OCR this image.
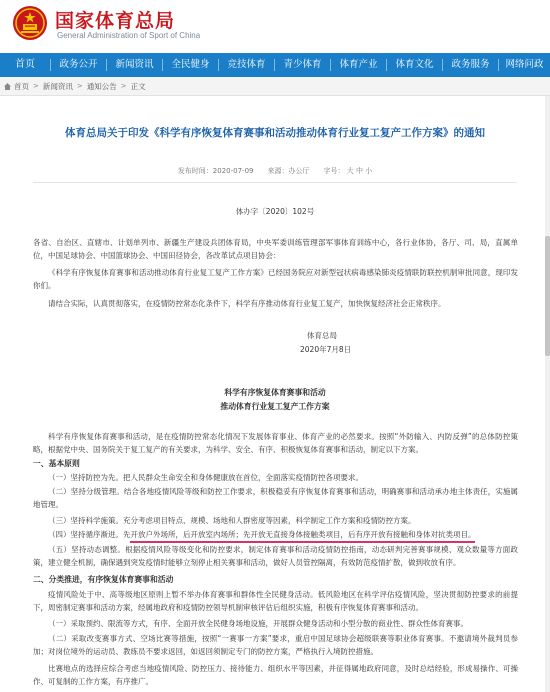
国家体育总局
General Administration of Sport of China
首页	政务公开	新闻资讯	全民健身	竞技体育	青少体育	体育产业	体育文化	政务服务	网络问政
首页 > 新闻资讯 > 通知公告 > 正文
体育总局关于印发《科学有序恢复体育赛事和活动推动体育行业复工复产工作方案》的通知
发布时间：2020-07-09 来源：办公厅 字号： 大 中 小
体办字〔2020〕102号
各省、自治区、直辖市、计划单列市、新疆生产建设兵团体育局，中央军委训练管理部军事体育训练中心，各行业体协，各厅、司、局，直属单位，中国足球协会、中国篮球协会、中国田径协会，各改革试点项目协会：
《科学有序恢复体育赛事和活动推动体育行业复工复产工作方案》已经国务院应对新型冠状病毒感染肺炎疫情联防联控机制审批同意，现印发你们。
请结合实际，认真贯彻落实，在疫情防控常态化条件下，科学有序推动体育行业复工复产，加快恢复经济社会正常秩序。
体育总局
2020年7月8日
科学有序恢复体育赛事和活动
推动体育行业复工复产工作方案
科学有序恢复体育赛事和活动，是在疫情防控常态化情况下发展体育事业、体育产业的必然要求。按照“外防输入、内防反弹”的总体防控策略，根据党中央、国务院关于复工复产的有关要求，为科学、安全、有序、积极恢复体育赛事和活动，制定以下方案。
一、基本原则
（一）坚持防控为先。把人民群众生命安全和身体健康放在首位，全面落实疫情防控各项要求。
（二）坚持分级管理。结合各地疫情风险等级和防控工作要求，积极稳妥有序恢复体育赛事和活动，明确赛事和活动承办地主体责任，实施属地管理。
（三）坚持科学施策。充分考虑项目特点、规模、场地和人群密度等因素，科学制定工作方案和疫情防控方案。
（四）坚持循序渐进。先开放户外场所，后开放室内场所；先开放无直接身体接触类项目，后有序开放有接触和身体对抗类项目。
（五）坚持动态调整。根据疫情风险等级变化和防控要求，制定体育赛事和活动疫情防控指南，动态研判完善赛事规模、观众数量等方面政策，建立健全机制，确保遇到突发疫情时能够立刻停止相关赛事和活动，做好人员管控隔离，有效防范疫情扩散，做到收放有序。
二、分类推进，有序恢复体育赛事和活动
疫情风险处于中、高等级地区原则上暂不举办体育赛事和群体性全民健身活动。低风险地区在科学评估疫情风险，坚决贯彻防控要求的前提下，周密制定赛事和活动方案，经属地政府和疫情防控领导机制审核评估后组织实施，积极有序恢复体育赛事和活动。
（一）采取预约、限流等方式，有序、全面开放全民健身场地设施，开展群众健身活动和小型分散的商业性、群众性体育赛事。
（二）采取改变赛事方式、空场比赛等措施，按照“一赛事一方案”要求，重启中国足球协会超级联赛等职业体育赛事。不邀请境外裁判员参加；对岗位境外的运动员、教练员不要求返回，如返回须制定专门的防控方案，严格执行入境防控措施。
比赛地点的选择应综合考虑当地疫情风险、防控压力、接待能力、组织水平等因素，并征得属地政府同意，及时总结经验，形成易操作、可操作、可复制的工作方案，有序推广。
